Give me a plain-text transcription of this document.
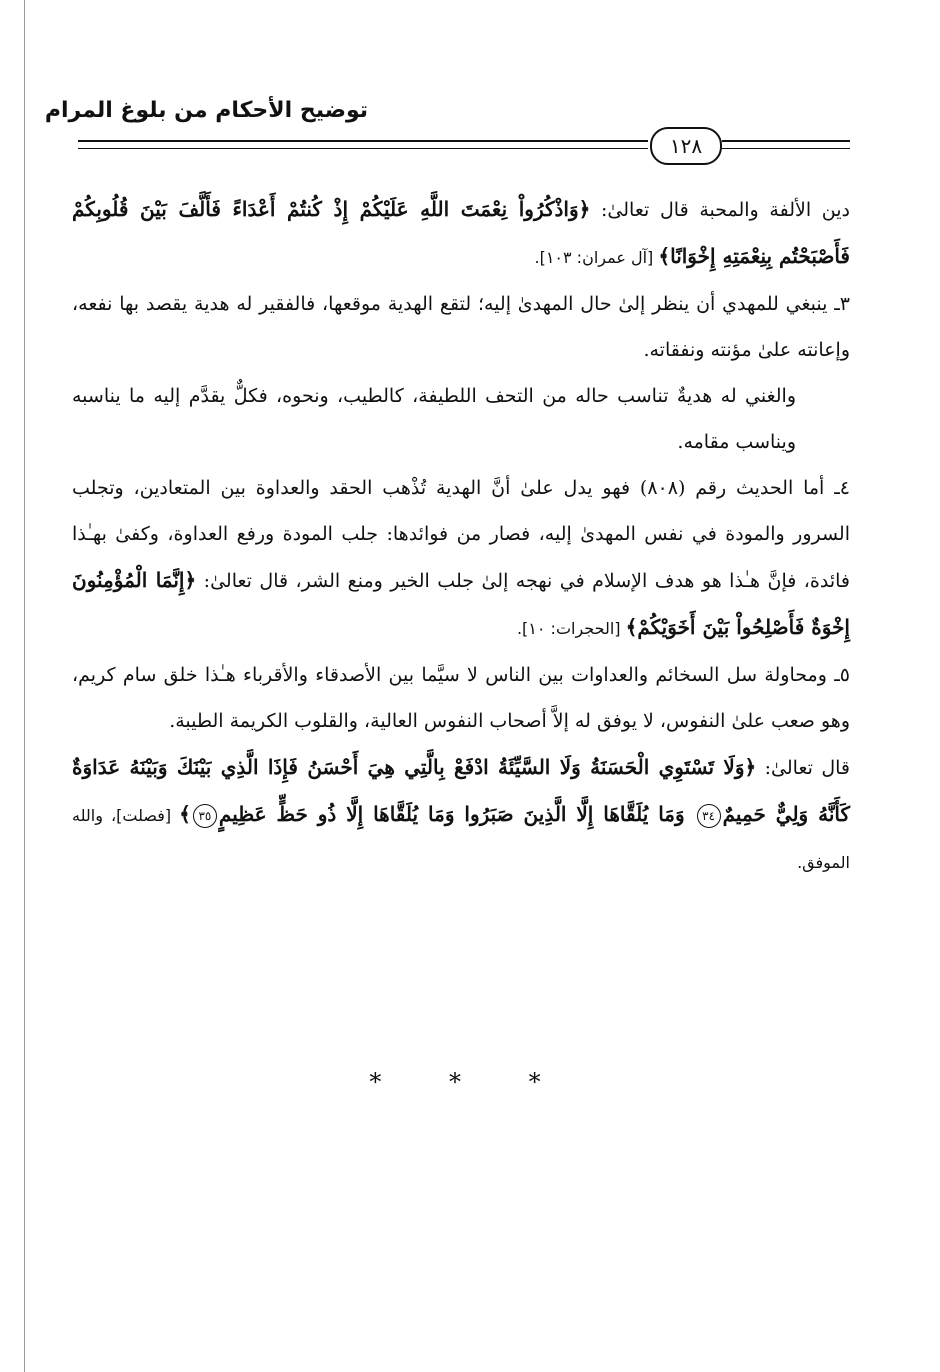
توضيح الأحكام من بلوغ المرام
١٢٨

دين الألفة والمحبة قال تعالىٰ: ﴿وَاذْكُرُواْ نِعْمَتَ اللَّهِ عَلَيْكُمْ إِذْ كُنتُمْ أَعْدَاءً فَأَلَّفَ بَيْنَ قُلُوبِكُمْ فَأَصْبَحْتُم بِنِعْمَتِهِ إِخْوَانًا﴾ [آل عمران: ١٠٣].

٣ـ ينبغي للمهدي أن ينظر إلىٰ حال المهدىٰ إليه؛ لتقع الهدية موقعها، فالفقير له هدية يقصد بها نفعه، وإعانته علىٰ مؤنته ونفقاته.

والغني له هديةٌ تناسب حاله من التحف اللطيفة، كالطيب، ونحوه، فكلٌّ يقدَّم إليه ما يناسبه ويناسب مقامه.

٤ـ أما الحديث رقم (٨٠٨) فهو يدل علىٰ أنَّ الهدية تُذْهب الحقد والعداوة بين المتعادين، وتجلب السرور والمودة في نفس المهدىٰ إليه، فصار من فوائدها: جلب المودة ورفع العداوة، وكفىٰ بهـٰذا فائدة، فإنَّ هـٰذا هو هدف الإسلام في نهجه إلىٰ جلب الخير ومنع الشر، قال تعالىٰ: ﴿إِنَّمَا الْمُؤْمِنُونَ إِخْوَةٌ فَأَصْلِحُواْ بَيْنَ أَخَوَيْكُمْ﴾ [الحجرات: ١٠].

٥ـ ومحاولة سل السخائم والعداوات بين الناس لا سيَّما بين الأصدقاء والأقرباء هـٰذا خلق سام كريم، وهو صعب علىٰ النفوس، لا يوفق له إلاَّ أصحاب النفوس العالية، والقلوب الكريمة الطيبة.

قال تعالىٰ: ﴿وَلَا تَسْتَوِي الْحَسَنَةُ وَلَا السَّيِّئَةُ ادْفَعْ بِالَّتِي هِيَ أَحْسَنُ فَإِذَا الَّذِي بَيْنَكَ وَبَيْنَهُ عَدَاوَةٌ كَأَنَّهُ وَلِيٌّ حَمِيمٌ٣٤ وَمَا يُلَقَّاهَا إِلَّا الَّذِينَ صَبَرُوا وَمَا يُلَقَّاهَا إِلَّا ذُو حَظٍّ عَظِيمٍ٣٥﴾ [فصلت]، والله الموفق.

* * *
